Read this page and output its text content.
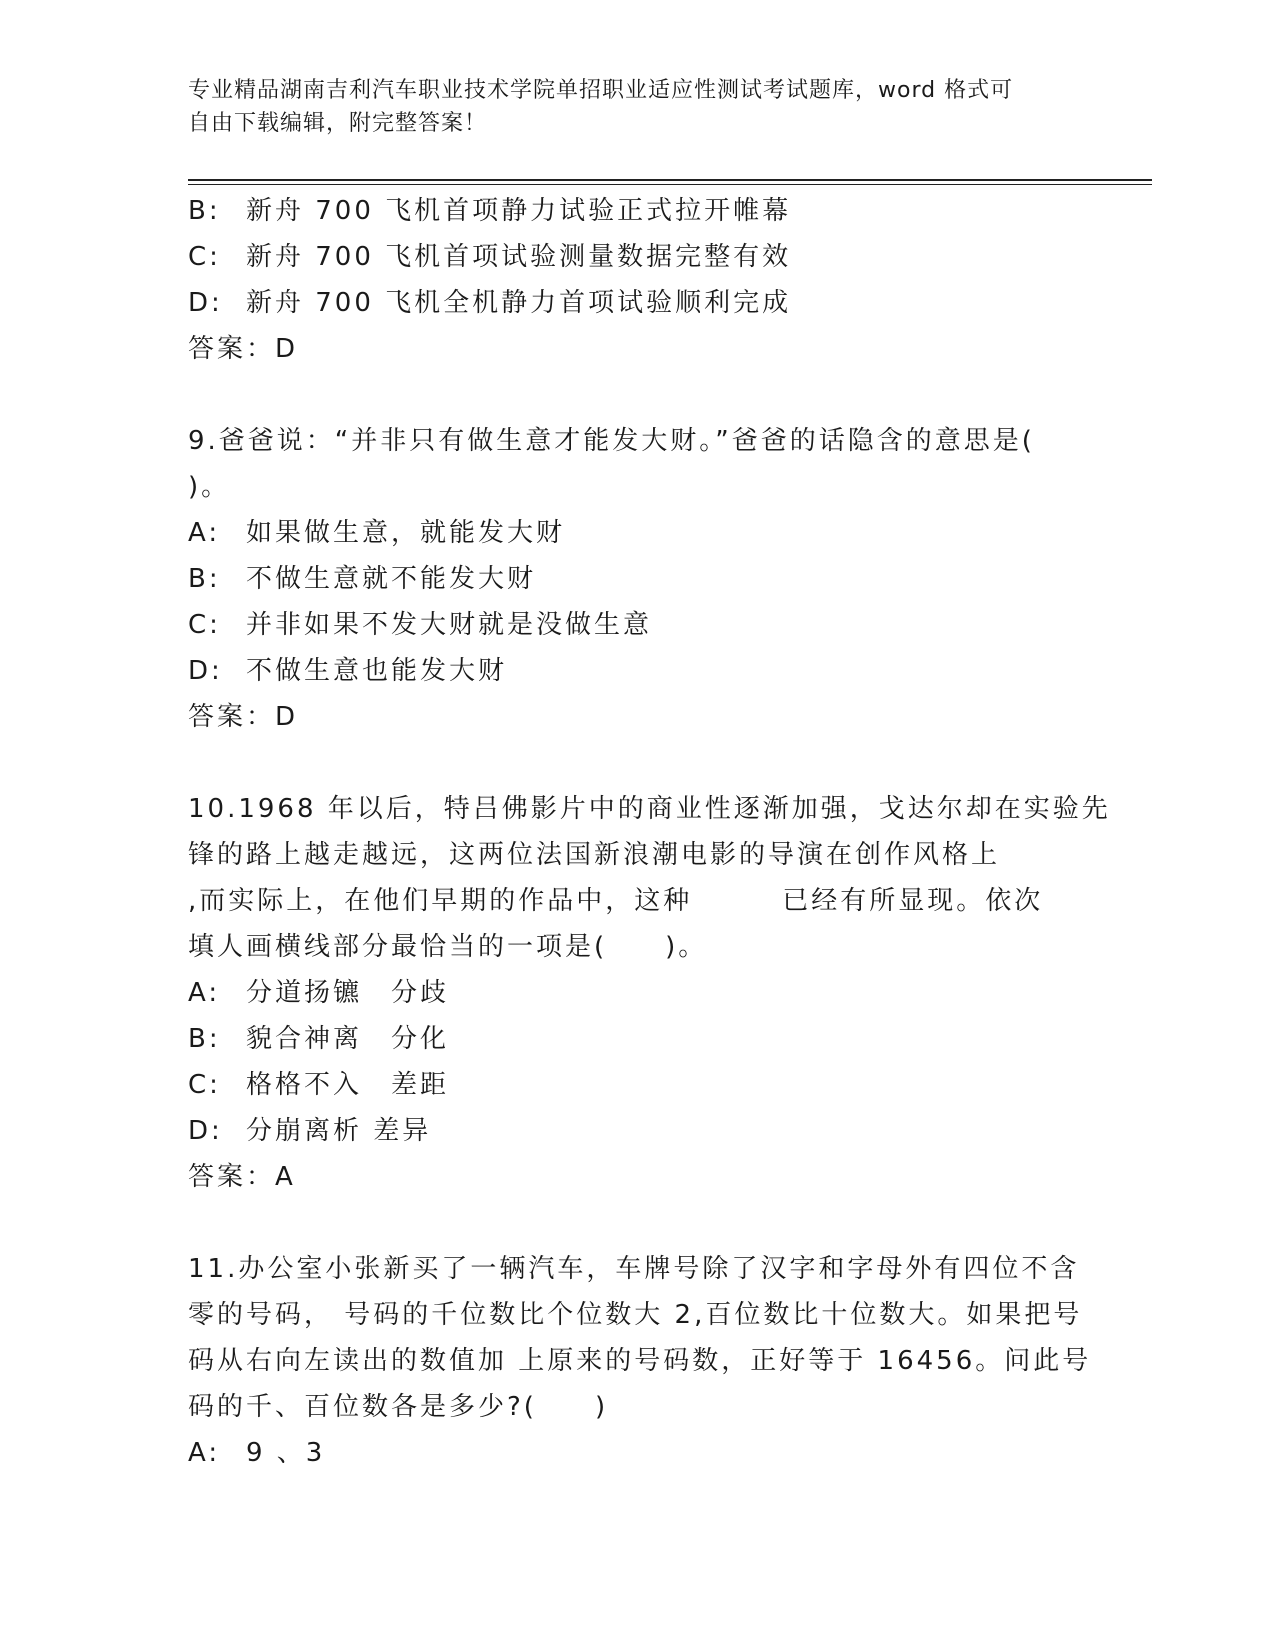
专业精品湖南吉利汽车职业技术学院单招职业适应性测试考试题库，word 格式可
自由下载编辑，附完整答案！
B: 新舟 700 飞机首项静力试验正式拉开帷幕
C: 新舟 700 飞机首项试验测量数据完整有效
D: 新舟 700 飞机全机静力首项试验顺利完成
答案：D
9.爸爸说：“并非只有做生意才能发大财。”爸爸的话隐含的意思是(
)。
A: 如果做生意，就能发大财
B: 不做生意就不能发大财
C: 并非如果不发大财就是没做生意
D: 不做生意也能发大财
答案：D
10.1968 年以后，特吕佛影片中的商业性逐渐加强，戈达尔却在实验先
锋的路上越走越远，这两位法国新浪潮电影的导演在创作风格上
,而实际上，在他们早期的作品中，这种	已经有所显现。依次
填人画横线部分最恰当的一项是(　　)。
A: 分道扬镳　分歧
B: 貌合神离　分化
C: 格格不入　差距
D: 分崩离析 差异
答案：A
11.办公室小张新买了一辆汽车，车牌号除了汉字和字母外有四位不含
零的号码， 号码的千位数比个位数大 2,百位数比十位数大。如果把号
码从右向左读出的数值加 上原来的号码数，正好等于 16456。问此号
码的千、百位数各是多少?(　　)
A: 9 、3
